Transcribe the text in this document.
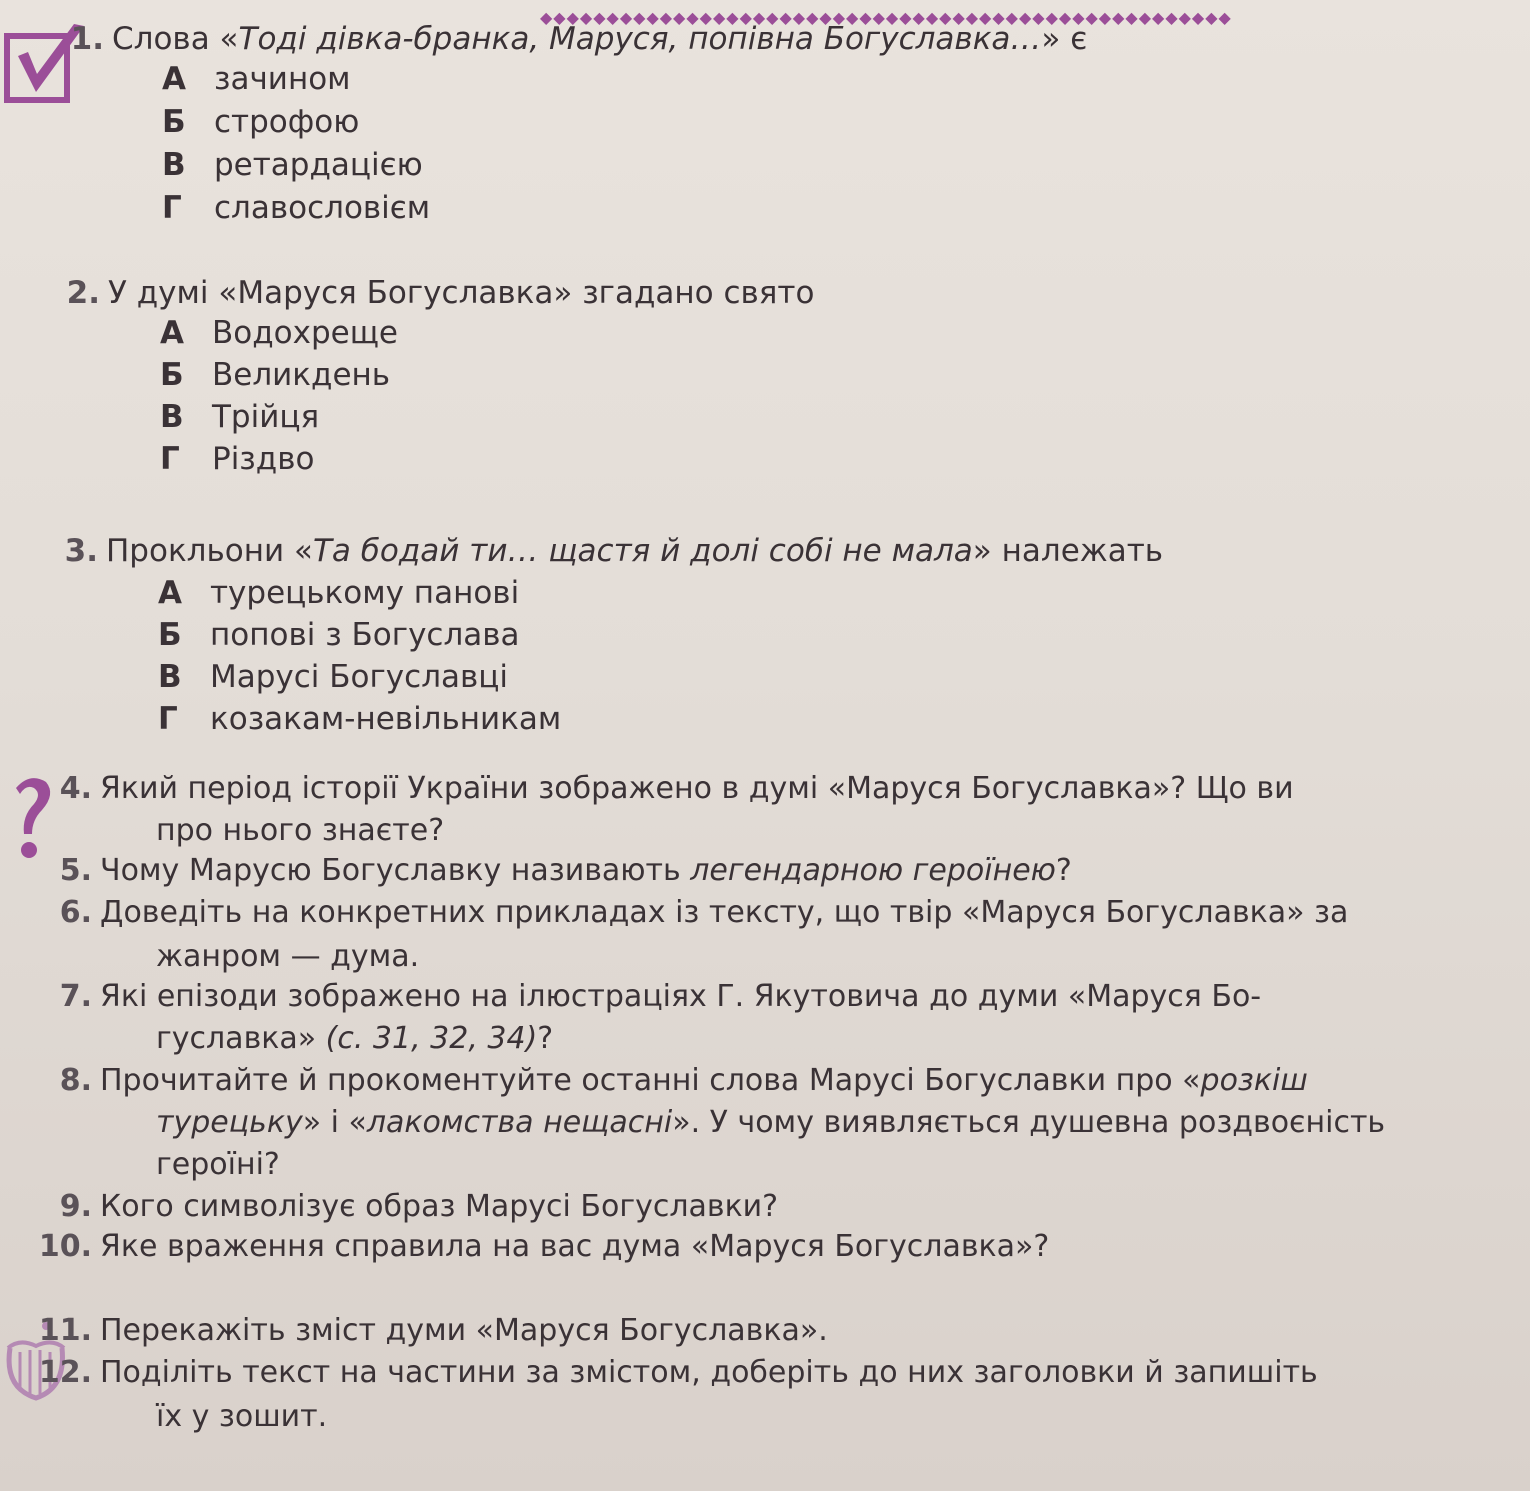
◆◆◆◆◆◆◆◆◆◆◆◆◆◆◆◆◆◆◆◆◆◆◆◆◆◆◆◆◆◆◆◆◆◆◆◆◆◆◆◆◆◆◆◆◆◆◆◆◆◆◆◆
1. Слова «Тоді дівка-бранка, Маруся, попівна Богуславка…» є
А зачином
Б строфою
В ретардацією
Г славословієм
2. У думі «Маруся Богуславка» згадано свято
А Водохреще
Б Великдень
В Трійця
Г Різдво
3. Прокльони «Та бодай ти… щастя й долі собі не мала» належать
А турецькому панові
Б попові з Богуслава
В Марусі Богуславці
Г козакам-невільникам
4. Який період історії України зображено в думі «Маруся Богуславка»? Що ви
про нього знаєте?
5. Чому Марусю Богуславку називають легендарною героїнею?
6. Доведіть на конкретних прикладах із тексту, що твір «Маруся Богуславка» за
жанром — дума.
7. Які епізоди зображено на ілюстраціях Г. Якутовича до думи «Маруся Бо-
гуславка» (с. 31, 32, 34)?
8. Прочитайте й прокоментуйте останні слова Марусі Богуславки про «розкіш
турецьку» і «лакомства нещасні». У чому виявляється душевна роздвоєність
героїні?
9. Кого символізує образ Марусі Богуславки?
10. Яке враження справила на вас дума «Маруся Богуславка»?
11. Перекажіть зміст думи «Маруся Богуславка».
12. Поділіть текст на частини за змістом, доберіть до них заголовки й запишіть
їх у зошит.
